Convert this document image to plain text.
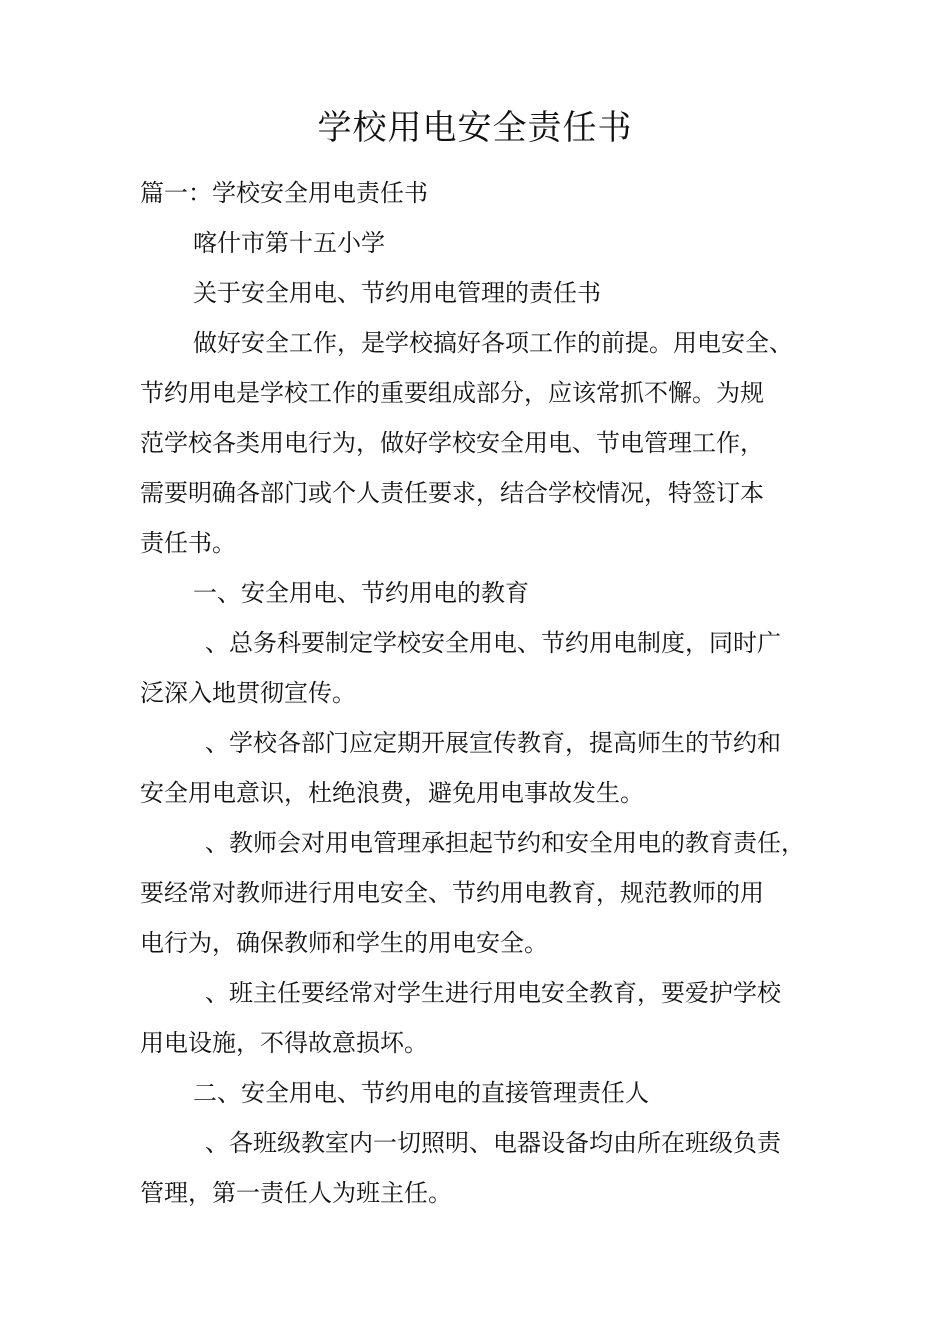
学校用电安全责任书

篇一：学校安全用电责任书

喀什市第十五小学

关于安全用电、节约用电管理的责任书

做好安全工作，是学校搞好各项工作的前提。用电安全、

节约用电是学校工作的重要组成部分，应该常抓不懈。为规

范学校各类用电行为，做好学校安全用电、节电管理工作，

需要明确各部门或个人责任要求，结合学校情况，特签订本

责任书。

一、安全用电、节约用电的教育

、总务科要制定学校安全用电、节约用电制度，同时广

泛深入地贯彻宣传。

、学校各部门应定期开展宣传教育，提高师生的节约和

安全用电意识，杜绝浪费，避免用电事故发生。

、教师会对用电管理承担起节约和安全用电的教育责任，

要经常对教师进行用电安全、节约用电教育，规范教师的用

电行为，确保教师和学生的用电安全。

、班主任要经常对学生进行用电安全教育，要爱护学校

用电设施，不得故意损坏。

二、安全用电、节约用电的直接管理责任人

、各班级教室内一切照明、电器设备均由所在班级负责

管理，第一责任人为班主任。
